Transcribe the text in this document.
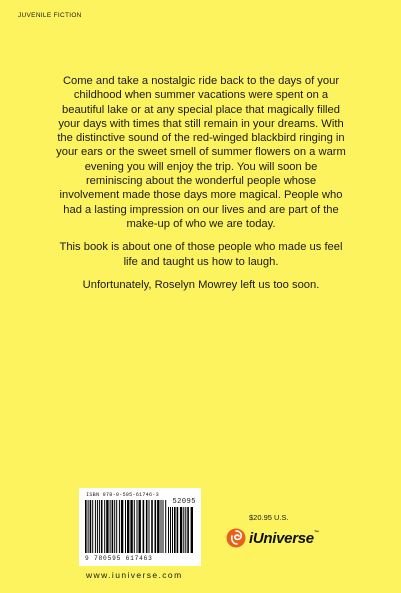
JUVENILE FICTION

Come and take a nostalgic ride back to the days of your childhood when summer vacations were spent on a beautiful lake or at any special place that magically filled your days with times that still remain in your dreams. With the distinctive sound of the red-winged blackbird ringing in your ears or the sweet smell of summer flowers on a warm evening you will enjoy the trip. You will soon be reminiscing about the wonderful people whose involvement made those days more magical. People who had a lasting impression on our lives and are part of the make-up of who we are today.

This book is about one of those people who made us feel life and taught us how to laugh.

Unfortunately, Roselyn Mowrey left us too soon.

ISBN 978-0-595-61746-3
52095
9 780595 617463
www.iuniverse.com
$20.95 U.S.
iUniverse™
